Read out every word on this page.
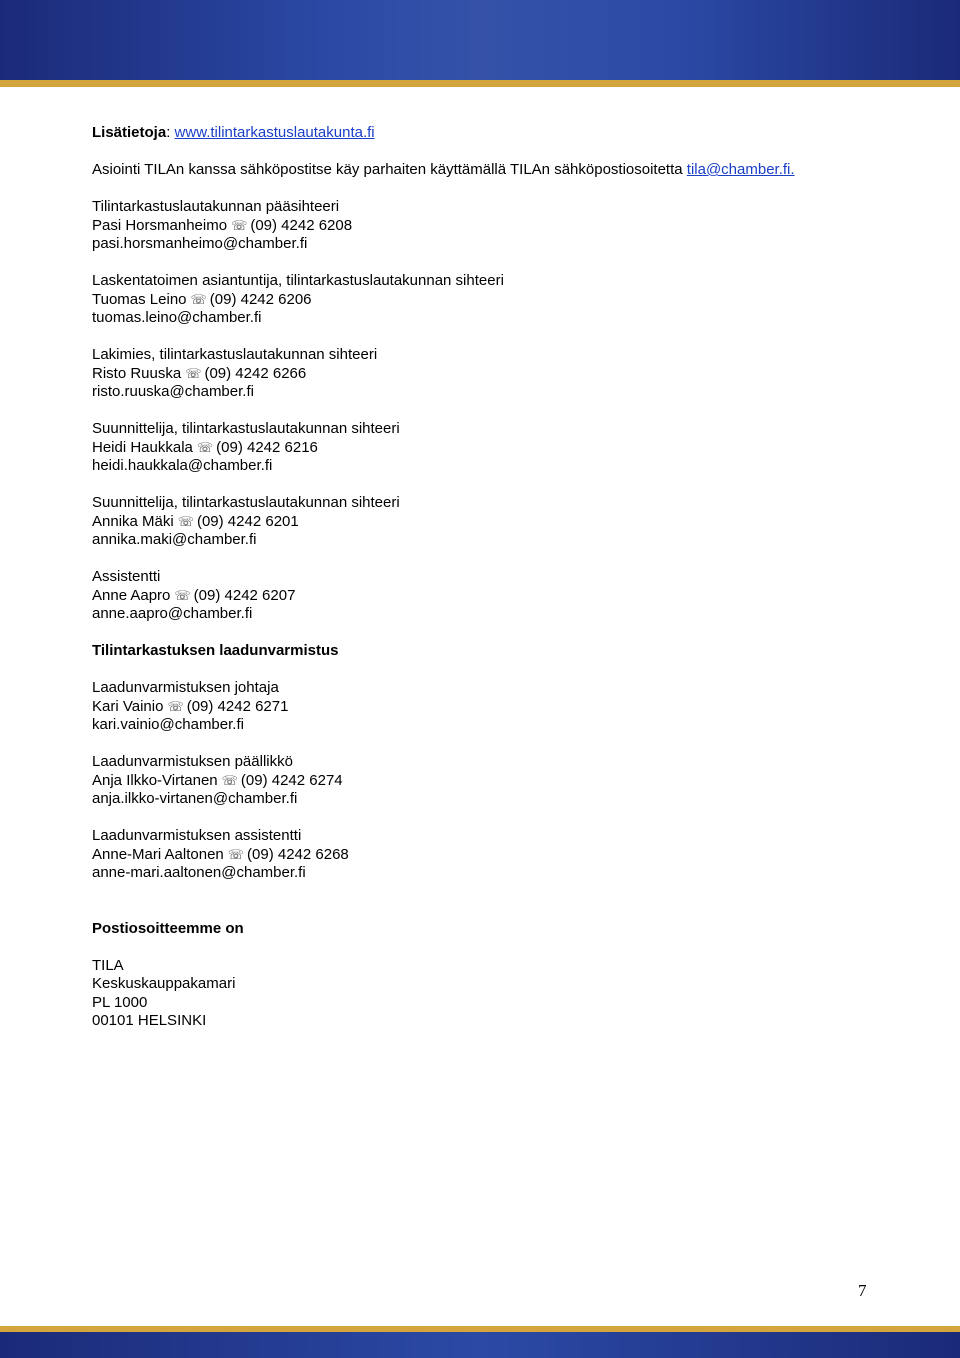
Lisätietoja: www.tilintarkastuslautakunta.fi
Asiointi TILAn kanssa sähköpostitse käy parhaiten käyttämällä TILAn sähköpostiosoitetta tila@chamber.fi.
Tilintarkastuslautakunnan pääsihteeri
Pasi Horsmanheimo ☏ (09) 4242 6208
pasi.horsmanheimo@chamber.fi
Laskentatoimen asiantuntija, tilintarkastuslautakunnan sihteeri
Tuomas Leino ☏ (09) 4242 6206
tuomas.leino@chamber.fi
Lakimies, tilintarkastuslautakunnan sihteeri
Risto Ruuska ☏ (09) 4242 6266
risto.ruuska@chamber.fi
Suunnittelija, tilintarkastuslautakunnan sihteeri
Heidi Haukkala ☏ (09) 4242 6216
heidi.haukkala@chamber.fi
Suunnittelija, tilintarkastuslautakunnan sihteeri
Annika Mäki ☏ (09) 4242 6201
annika.maki@chamber.fi
Assistentti
Anne Aapro ☏ (09) 4242 6207
anne.aapro@chamber.fi
Tilintarkastuksen laadunvarmistus
Laadunvarmistuksen johtaja
Kari Vainio ☏ (09) 4242 6271
kari.vainio@chamber.fi
Laadunvarmistuksen päällikkö
Anja Ilkko-Virtanen ☏ (09) 4242 6274
anja.ilkko-virtanen@chamber.fi
Laadunvarmistuksen assistentti
Anne-Mari Aaltonen ☏ (09) 4242 6268
anne-mari.aaltonen@chamber.fi
Postiosoitteemme on
TILA
Keskuskauppakamari
PL 1000
00101 HELSINKI
7
